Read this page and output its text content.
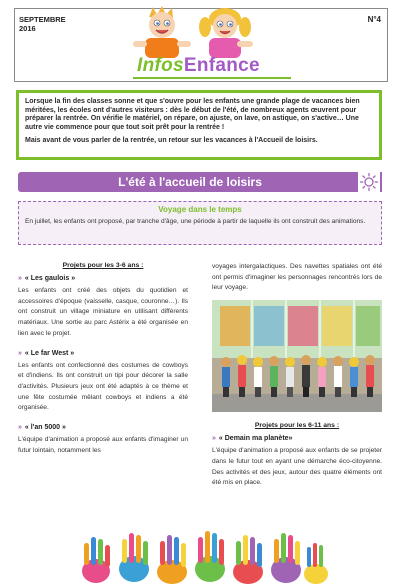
SEPTEMBRE
2016
N°4
InfosEnfance

Lorsque la fin des classes sonne et que s'ouvre pour les enfants une grande plage de vacances bien méritées, les écoles ont d'autres visiteurs : dès le début de l'été, de nombreux agents œuvrent pour préparer la rentrée. On vérifie le matériel, on répare, on ajuste, on lave, on astique, on s'active… Une autre vie commence pour que tout soit prêt pour la rentrée !

Mais avant de vous parler de la rentrée, un retour sur les vacances à l'Accueil de loisirs.

L'été à l'accueil de loisirs
Voyage dans le temps
En juillet, les enfants ont proposé, par tranche d'âge, une période à partir de laquelle ils ont construit des animations.
Projets pour les 3-6 ans :
» « Les gaulois »
Les enfants ont créé des objets du quotidien et accessoires d'époque (vaisselle, casque, couronne…). Ils ont construit un village miniature en utilisant différents matériaux. Une sortie au parc Astérix a été organisée en lien avec le projet.
» « Le far West »
Les enfants ont confectionné des costumes de cowboys et d'indiens. Ils ont construit un tipi pour décorer la salle d'activités. Plusieurs jeux ont été adaptés à ce thème et une fête costumée mêlant cowboys et indiens a été organisée.
» « l'an 5000 »
L'équipe d'animation a proposé aux enfants d'imaginer un futur lointain, notamment les
voyages intergalactiques. Des navettes spatiales ont été ont permis d'imaginer les personnages rencontrés lors de leur voyage.
Projets pour les 6-11 ans :
» « Demain ma planète»
L'équipe d'animation a proposé aux enfants de se projeter dans le futur tout en ayant une démarche éco-citoyenne. Des activités et des jeux, autour des quatre éléments ont été mis en place.
